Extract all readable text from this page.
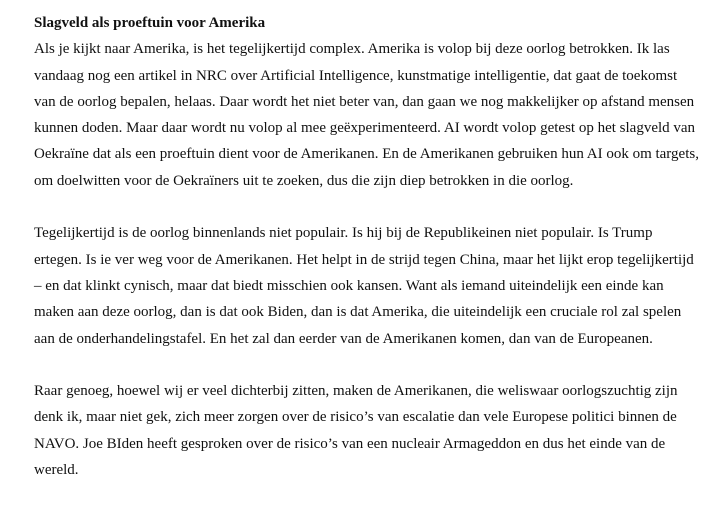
Slagveld als proeftuin voor Amerika

Als je kijkt naar Amerika, is het tegelijkertijd complex. Amerika is volop bij deze oorlog betrokken. Ik las
vandaag nog een artikel in NRC over Artificial Intelligence, kunstmatige intelligentie, dat gaat de toekomst
van de oorlog bepalen, helaas. Daar wordt het niet beter van, dan gaan we nog makkelijker op afstand mensen
kunnen doden. Maar daar wordt nu volop al mee geëxperimenteerd. AI wordt volop getest op het slagveld van
Oekraïne dat als een proeftuin dient voor de Amerikanen. En de Amerikanen gebruiken hun AI ook om targets,
om doelwitten voor de Oekraïners uit te zoeken, dus die zijn diep betrokken in die oorlog.

Tegelijkertijd is de oorlog binnenlands niet populair. Is hij bij de Republikeinen niet populair. Is Trump
ertegen. Is ie ver weg voor de Amerikanen. Het helpt in de strijd tegen China, maar het lijkt erop tegelijkertijd
– en dat klinkt cynisch, maar dat biedt misschien ook kansen. Want als iemand uiteindelijk een einde kan
maken aan deze oorlog, dan is dat ook Biden, dan is dat Amerika, die uiteindelijk een cruciale rol zal spelen
aan de onderhandelingstafel. En het zal dan eerder van de Amerikanen komen, dan van de Europeanen.

Raar genoeg, hoewel wij er veel dichterbij zitten, maken de Amerikanen, die weliswaar oorlogszuchtig zijn
denk ik, maar niet gek, zich meer zorgen over de risico’s van escalatie dan vele Europese politici binnen de
NAVO. Joe BIden heeft gesproken over de risico’s van een nucleair Armageddon en dus het einde van de
wereld.
